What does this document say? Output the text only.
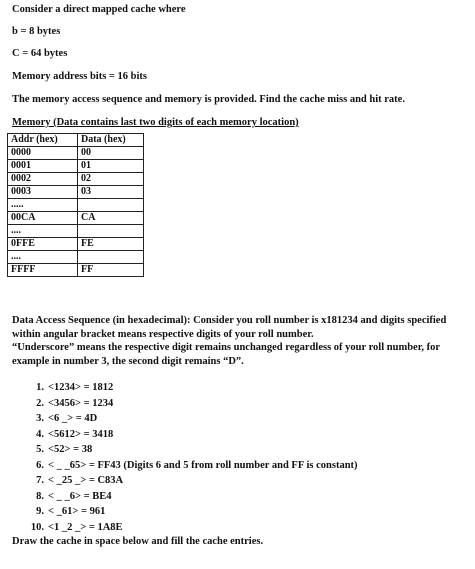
Consider a direct mapped cache where
b = 8 bytes
C = 64 bytes
Memory address bits = 16 bits
The memory access sequence and memory is provided. Find the cache miss and hit rate.
Memory (Data contains last two digits of each memory location)
Addr (hex)	Data (hex)
0000	00
0001	01
0002	02
0003	03
.....	
00CA	CA
....	
0FFE	FE
....	
FFFF	FF
Data Access Sequence (in hexadecimal): Consider you roll number is x181234 and digits specified within angular bracket means respective digits of your roll number.
“Underscore” means the respective digit remains unchanged regardless of your roll number, for example in number 3, the second digit remains “D”.
1. <1234> = 1812
2. <3456> = 1234
3. <6 _> = 4D
4. <5612> = 3418
5. <52> = 38
6. < _ _65> = FF43 (Digits 6 and 5 from roll number and FF is constant)
7. < _25 _> = C83A
8. < _ _6> = BE4
9. < _61> = 961
10. <1 _2 _> = 1A8E
Draw the cache in space below and fill the cache entries.
